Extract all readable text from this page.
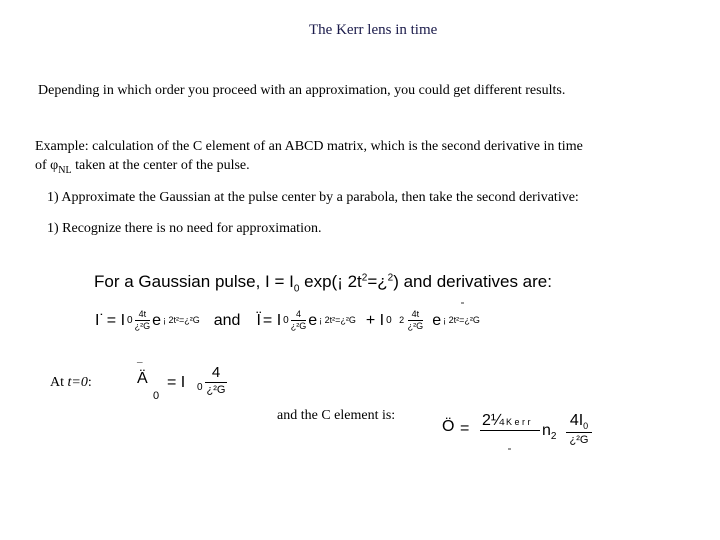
The Kerr lens in time
Depending in which order you proceed with an approximation, you could get different results.
Example: calculation of the C element of an ABCD matrix, which is the second derivative in time
of $\varphi_{NL}$ taken at the center of the pulse.
1) Approximate the Gaussian at the pulse center by a parabola, then take the second derivative:
1) Recognize there is no need for approximation.
For a Gaussian pulse, $I = I_0$ exp(¡ $2t^2=¿^2$) and derivatives are:
I˙ = I $0 \frac{4t}{\text{¿²G}}$ e ¡ 2t²=¿²G and Ï = I $0 \frac{4}{\text{¿²G}}$ e ¡ 2t²=¿²G + I $0 \frac{4t}{\text{¿²G}}$
2 e ¡ 2t²=¿²G
At t=0:
¯
Ä
0
= I 0
4
¿²G
and the C element is:
Ö = 2¼ K e r r $n_2$
$4I_0$
¿²G
